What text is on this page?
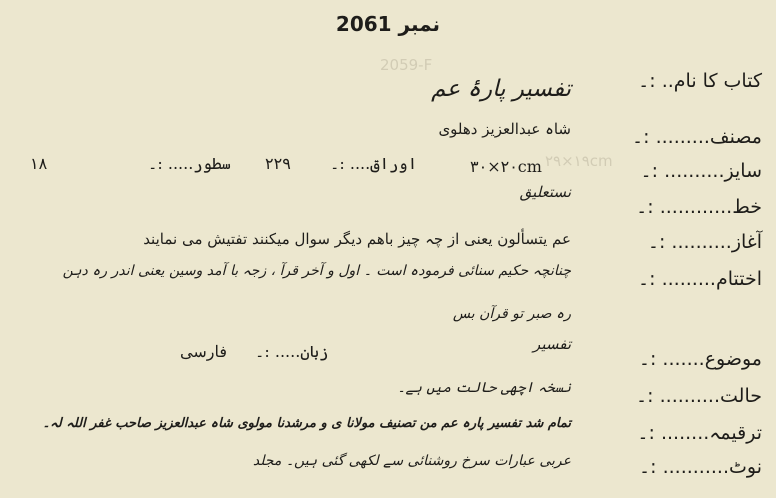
2059-F
۲۹×۱۹cm
نمبر 2061
کتاب کا نام.. :۔
مصنف......... :۔
سایز.......... :۔
خط............ :۔
آغاز.......... :۔
اختتام......... :۔
موضوع....... :۔
حالت.......... :۔
ترقیمہ........ :۔
نوٹ........... :۔
تفسیر پارۂ عم
شاہ عبدالعزیز دھلوی
۳۰×۲۰cm
اوراق.... :۔
۲۲۹
سطور..... :۔
۱۸
نستعلیق
عم یتسألون یعنی از چہ چیز باھم دیگر سوال میکنند تفتیش می نمایند
چنانچہ حکیم سنائی فرمودہ است ۔ اول و آخر قرآ ، زجہ با آمد وسین یعنی اندر رہ دہن
رہ صبر تو قرآن بس
تفسیر
زبان..... :۔
فارسی
نسخہ اچھی حالت میں ہے۔
تمام شد تفسیر پارہ عم من تصنیف مولانا ی و مرشدنا مولوی شاہ عبدالعزیز صاحب غفر اللہ لہ۔
عربی عبارات سرخ روشنائی سے لکھی گئی ہیں۔ مجلد
